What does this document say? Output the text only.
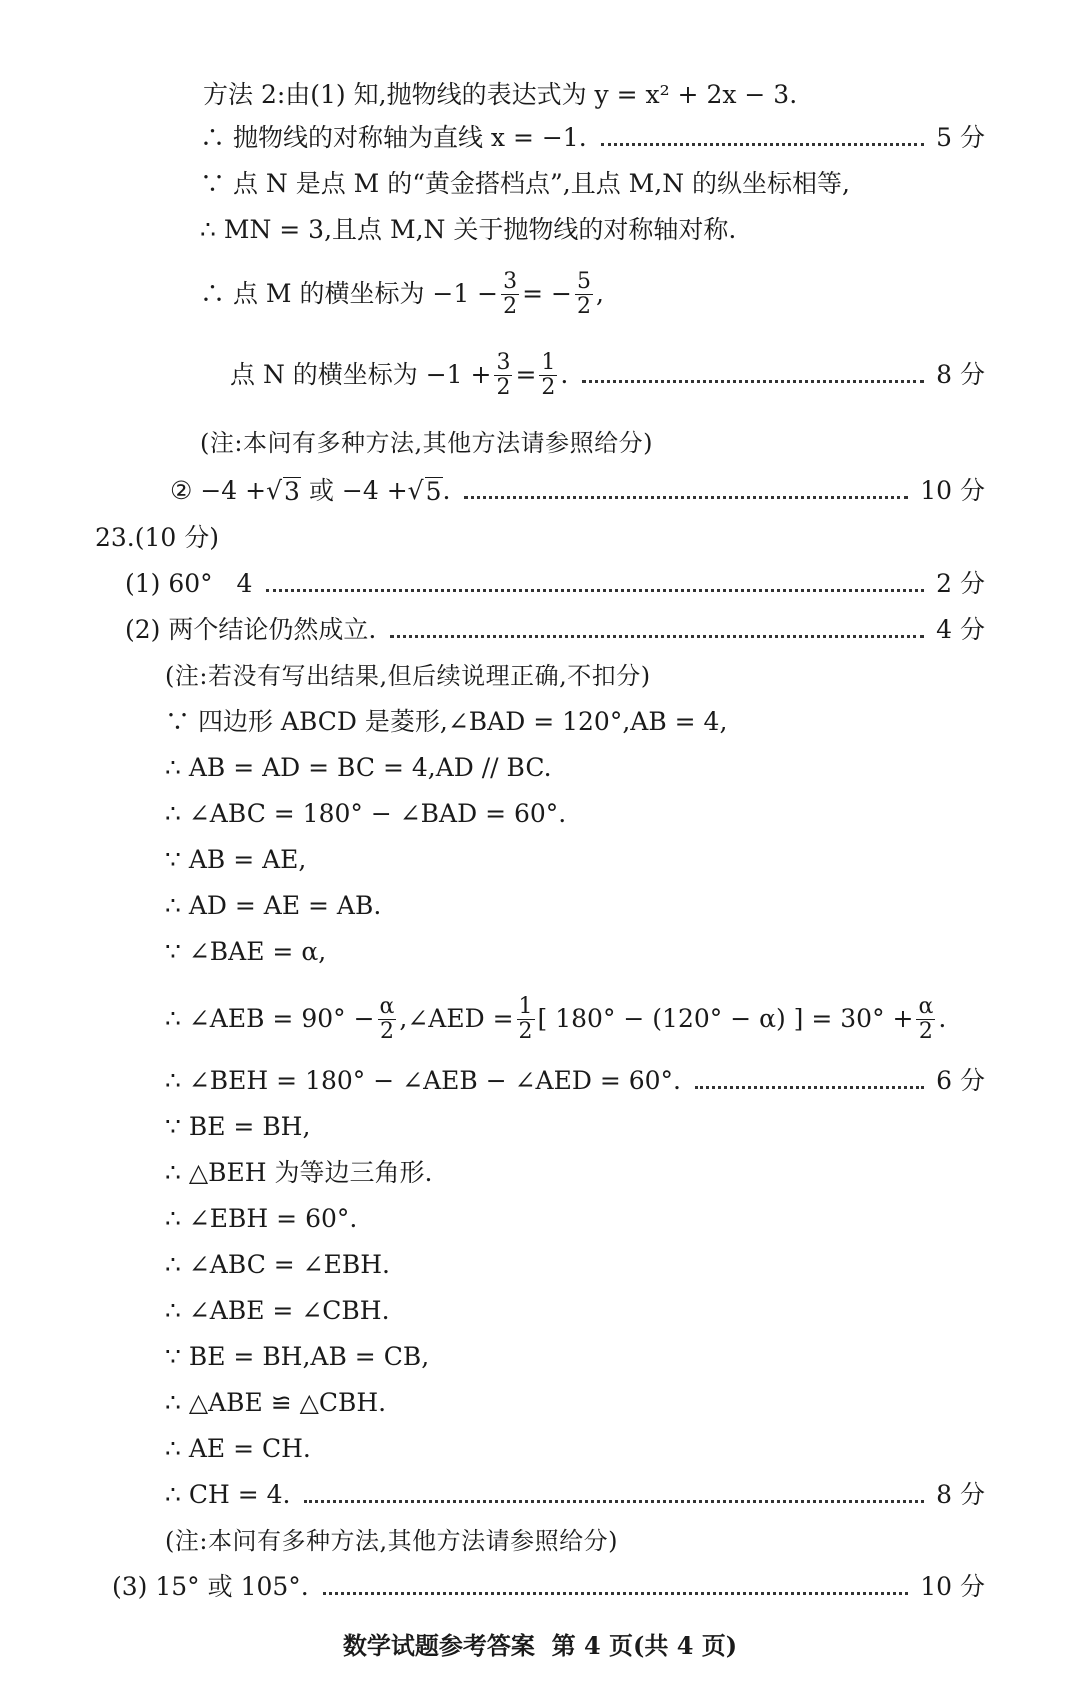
方法 2:由(1) 知,抛物线的表达式为 y = x² + 2x − 3.
∴ 抛物线的对称轴为直线 x = −1.	5 分
∵ 点 N 是点 M 的“黄金搭档点”,且点 M,N 的纵坐标相等,
∴ MN = 3,且点 M,N 关于抛物线的对称轴对称.
∴ 点 M 的横坐标为 $-1 - \frac{3}{2}$ = − $\frac{5}{2}$ ,
点 N 的横坐标为 $-1 + \frac{3}{2} = \frac{1}{2}$ .	8 分
(注:本问有多种方法,其他方法请参照给分)
② −4 + √ 3 或 −4 + √ 5 .	10 分
23.(10 分)
(1) 60°   4	2 分
(2) 两个结论仍然成立.	4 分
(注:若没有写出结果,但后续说理正确,不扣分)
∵ 四边形 ABCD 是菱形,∠BAD = 120°,AB = 4,
∴ AB = AD = BC = 4,AD // BC.
∴ ∠ABC = 180° − ∠BAD = 60°.
∵ AB = AE,
∴ AD = AE = AB.
∵ ∠BAE = α,
∴ ∠AEB = $90^\circ - \frac{\alpha}{2}$ ,∠AED = $\frac{1}{2}$ [ 180° − (120° − α) ] = $30^\circ + \frac{\alpha}{2}$ .
∴ ∠BEH = 180° − ∠AEB − ∠AED = 60°.	6 分
∵ BE = BH,
∴ △BEH 为等边三角形.
∴ ∠EBH = 60°.
∴ ∠ABC = ∠EBH.
∴ ∠ABE = ∠CBH.
∵ BE = BH,AB = CB,
∴ △ABE ≌ △CBH.
∴ AE = CH.
∴ CH = 4.	8 分
(注:本问有多种方法,其他方法请参照给分)
(3) 15° 或 105°.	10 分
数学试题参考答案  第 4 页(共 4 页)
